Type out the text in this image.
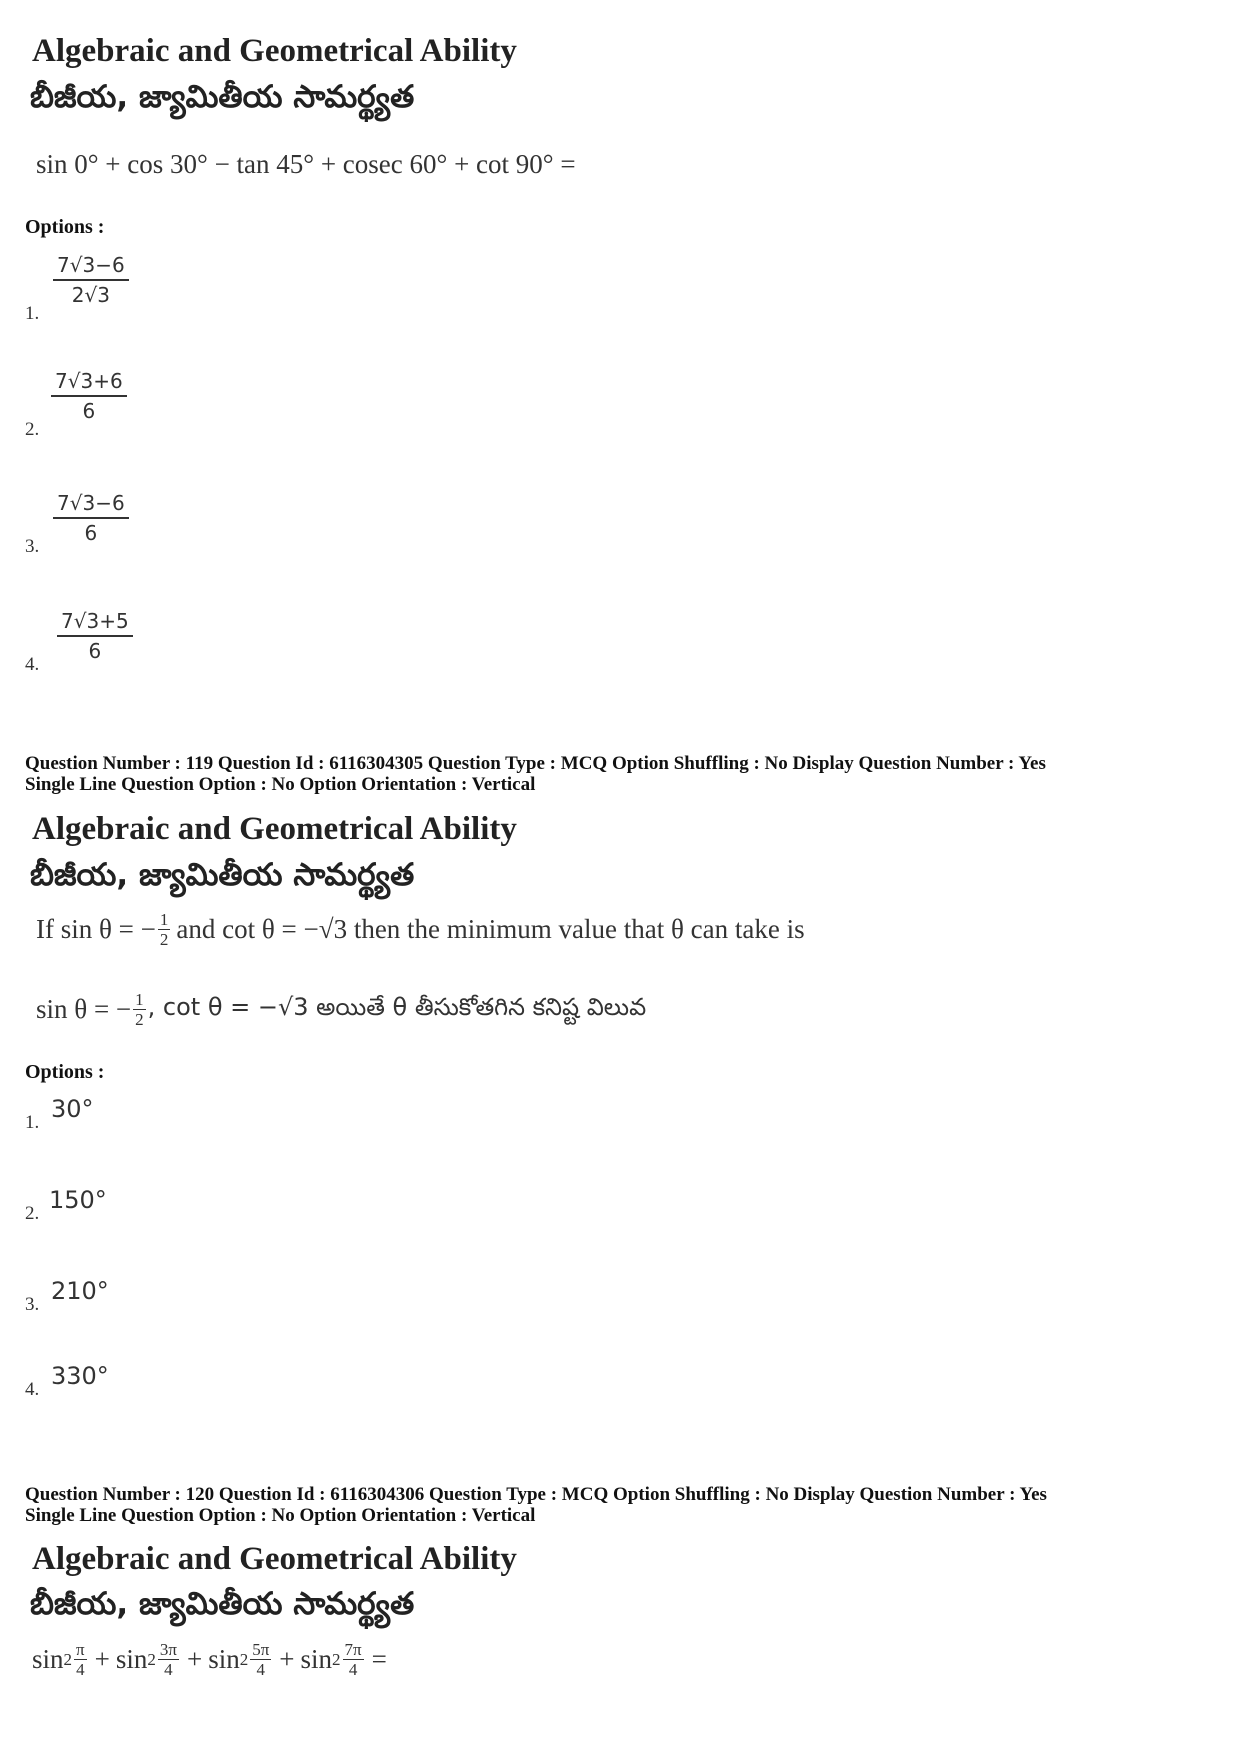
Algebraic and Geometrical Ability
బీజీయ, జ్యామితీయ సామర్థ్యత
sin 0° + cos 30° − tan 45° + cosec 60° + cot 90° =
Options :
1.
$\frac{7√3-6}{2√3}$
2.
$\frac{7√3+6}{6}$
3.
$\frac{7√3-6}{6}$
4.
$\frac{7√3+5}{6}$
Question Number : 119 Question Id : 6116304305 Question Type : MCQ Option Shuffling : No Display Question Number : Yes
Single Line Question Option : No Option Orientation : Vertical
Algebraic and Geometrical Ability
బీజీయ, జ్యామితీయ సామర్థ్యత
If sin θ = − $\frac{1}{2}$ and cot θ = −√3 then the minimum value that θ can take is
sin θ = − $\frac{1}{2}$ , cot θ = −√3 అయితే θ తీసుకోతగిన కనిష్ట విలువ
Options :
1. 30°
2. 150°
3. 210°
4. 330°
Question Number : 120 Question Id : 6116304306 Question Type : MCQ Option Shuffling : No Display Question Number : Yes
Single Line Question Option : No Option Orientation : Vertical
Algebraic and Geometrical Ability
బీజీయ, జ్యామితీయ సామర్థ్యత
$\sin 2 \frac{\pi}{4} + \sin 2 \frac{3\pi}{4} + \sin 2 \frac{5\pi}{4} + \sin 2 \frac{7\pi}{4}$ =
